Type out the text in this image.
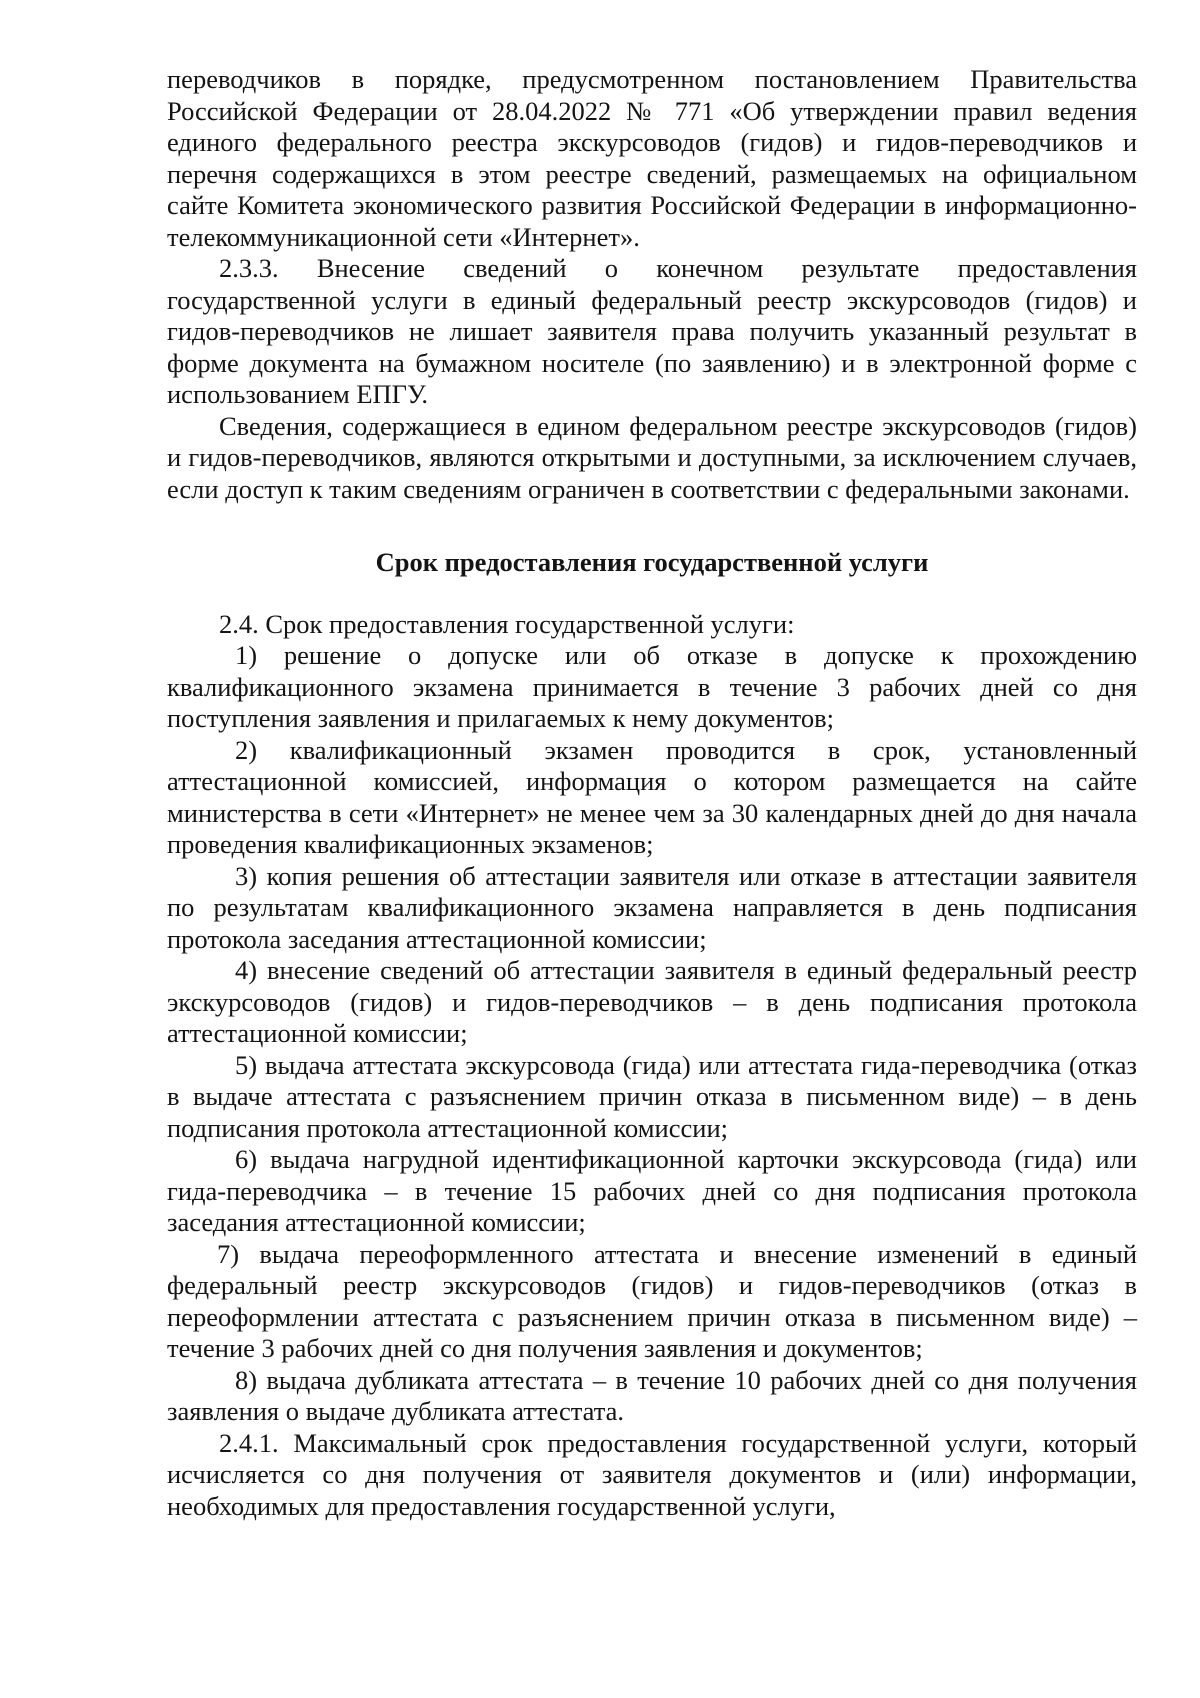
переводчиков в порядке, предусмотренном постановлением Правительства Российской Федерации от 28.04.2022 № 771 «Об утверждении правил ведения единого федерального реестра экскурсоводов (гидов) и гидов-переводчиков и перечня содержащихся в этом реестре сведений, размещаемых на официальном сайте Комитета экономического развития Российской Федерации в информационно-телекоммуникационной сети «Интернет».

2.3.3. Внесение сведений о конечном результате предоставления государственной услуги в единый федеральный реестр экскурсоводов (гидов) и гидов-переводчиков не лишает заявителя права получить указанный результат в форме документа на бумажном носителе (по заявлению) и в электронной форме с использованием ЕПГУ.

Сведения, содержащиеся в едином федеральном реестре экскурсоводов (гидов) и гидов-переводчиков, являются открытыми и доступными, за исключением случаев, если доступ к таким сведениям ограничен в соответствии с федеральными законами.

Срок предоставления государственной услуги

2.4. Срок предоставления государственной услуги:

1) решение о допуске или об отказе в допуске к прохождению квалификационного экзамена принимается в течение 3 рабочих дней со дня поступления заявления и прилагаемых к нему документов;

2) квалификационный экзамен проводится в срок, установленный аттестационной комиссией, информация о котором размещается на сайте министерства в сети «Интернет» не менее чем за 30 календарных дней до дня начала проведения квалификационных экзаменов;

3) копия решения об аттестации заявителя или отказе в аттестации заявителя по результатам квалификационного экзамена направляется в день подписания протокола заседания аттестационной комиссии;

4) внесение сведений об аттестации заявителя в единый федеральный реестр экскурсоводов (гидов) и гидов-переводчиков – в день подписания протокола аттестационной комиссии;

5) выдача аттестата экскурсовода (гида) или аттестата гида-переводчика (отказ в выдаче аттестата с разъяснением причин отказа в письменном виде) – в день подписания протокола аттестационной комиссии;

6) выдача нагрудной идентификационной карточки экскурсовода (гида) или гида-переводчика – в течение 15 рабочих дней со дня подписания протокола заседания аттестационной комиссии;

7) выдача переоформленного аттестата и внесение изменений в единый федеральный реестр экскурсоводов (гидов) и гидов-переводчиков (отказ в переоформлении аттестата с разъяснением причин отказа в письменном виде) – течение 3 рабочих дней со дня получения заявления и документов;

8) выдача дубликата аттестата – в течение 10 рабочих дней со дня получения заявления о выдаче дубликата аттестата.

2.4.1. Максимальный срок предоставления государственной услуги, который исчисляется со дня получения от заявителя документов и (или) информации, необходимых для предоставления государственной услуги,
